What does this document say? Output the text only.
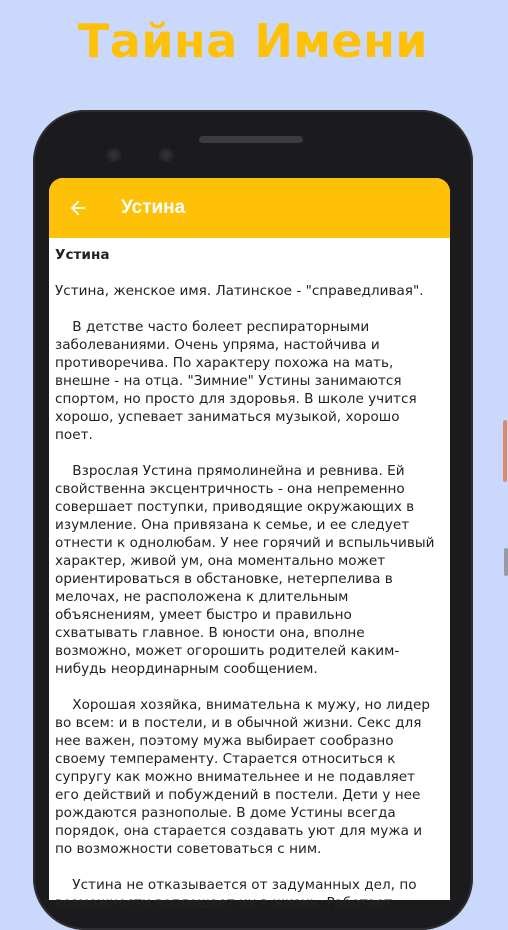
Тайна Имени
Устина
Устина

Устина, женское имя. Латинское - "справедливая".

В детстве часто болеет респираторными заболеваниями. Очень упряма, настойчива и противоречива. По характеру похожа на мать, внешне - на отца. "Зимние" Устины занимаются спортом, но просто для здоровья. В школе учится хорошо, успевает заниматься музыкой, хорошо поет.

Взрослая Устина прямолинейна и ревнива. Ей свойственна эксцентричность - она непременно совершает поступки, приводящие окружающих в изумление. Она привязана к семье, и ее следует отнести к однолюбам. У нее горячий и вспыльчивый характер, живой ум, она моментально может ориентироваться в обстановке, нетерпелива в мелочах, не расположена к длительным объяснениям, умеет быстро и правильно схватывать главное. В юности она, вполне возможно, может огорошить родителей каким-нибудь неординарным сообщением.

Хорошая хозяйка, внимательна к мужу, но лидер во всем: и в постели, и в обычной жизни. Секс для нее важен, поэтому мужа выбирает сообразно своему темпераменту. Старается относиться к супругу как можно внимательнее и не подавляет его действий и побуждений в постели. Дети у нее рождаются разнополые. В доме Устины всегда порядок, она старается создавать уют для мужа и по возможности советоваться с ним.

Устина не отказывается от задуманных дел, по возможности воплощает их в жизнь. Работает
